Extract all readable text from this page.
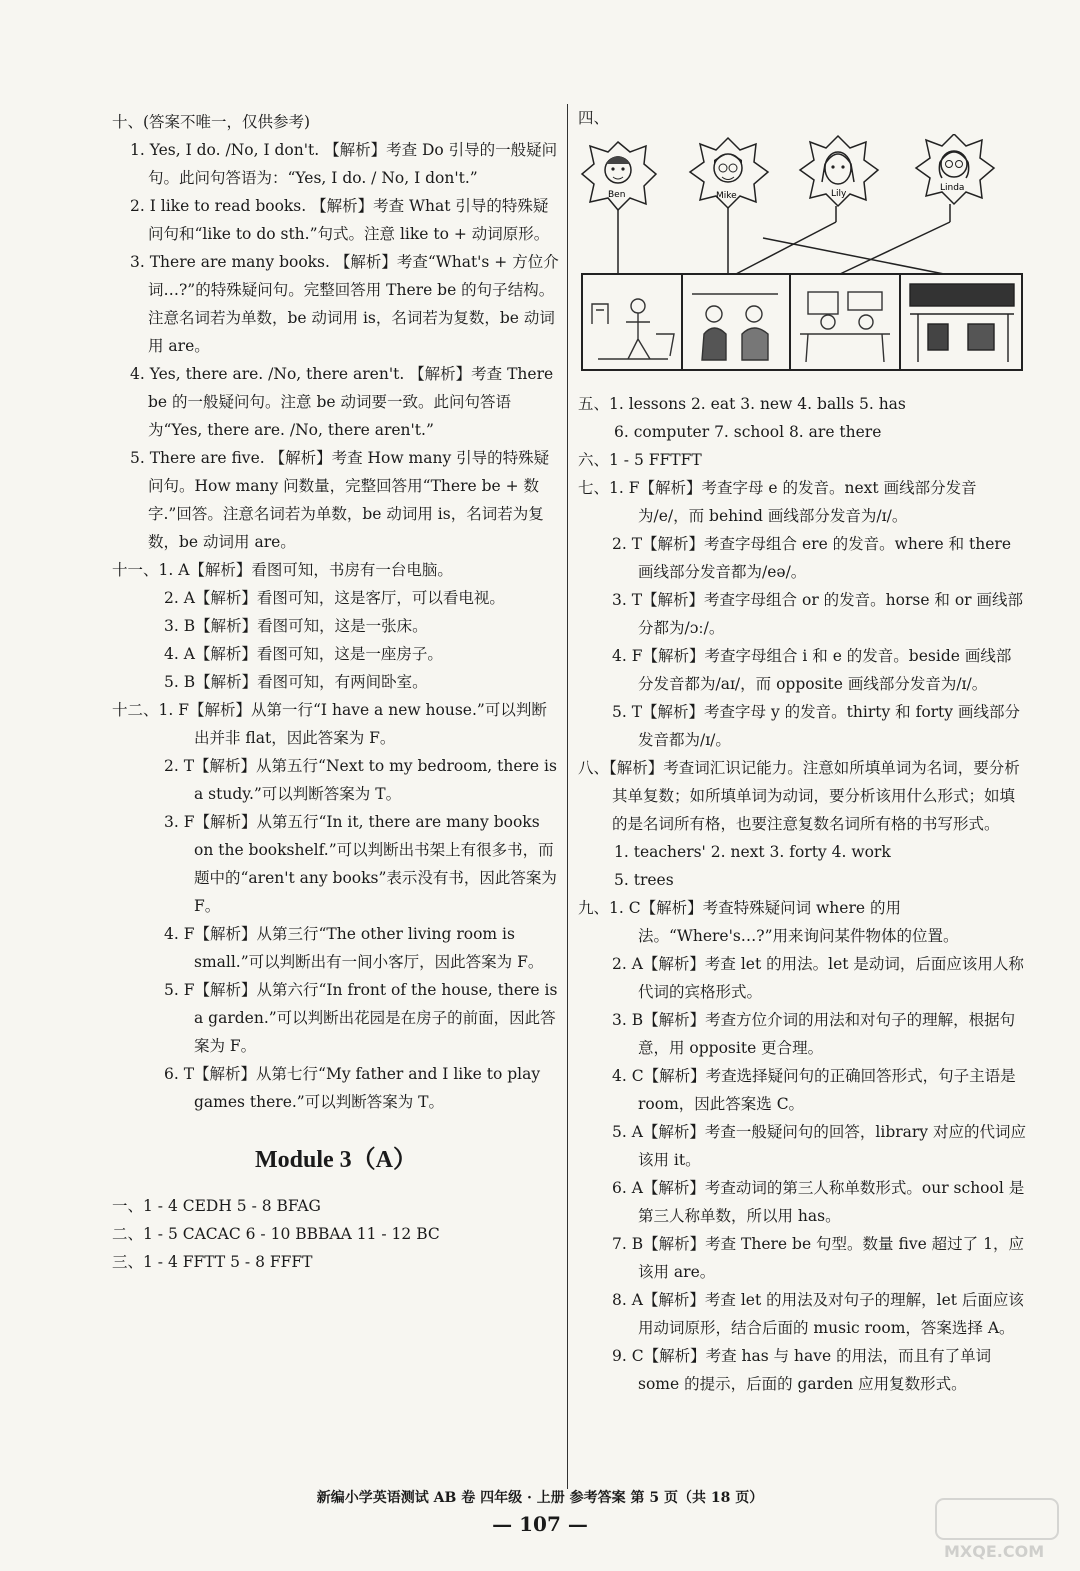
十、(答案不唯一，仅供参考)

1. Yes, I do. /No, I don't. 【解析】考查 Do 引导的一般疑问句。此问句答语为：“Yes, I do. / No, I don't.”

2. I like to read books. 【解析】考查 What 引导的特殊疑问句和“like to do sth.”句式。注意 like to + 动词原形。

3. There are many books. 【解析】考查“What's + 方位介词…?”的特殊疑问句。完整回答用 There be 的句子结构。注意名词若为单数，be 动词用 is，名词若为复数，be 动词用 are。

4. Yes, there are. /No, there aren't. 【解析】考查 There be 的一般疑问句。注意 be 动词要一致。此问句答语为“Yes, there are. /No, there aren't.”

5. There are five. 【解析】考查 How many 引导的特殊疑问句。How many 问数量，完整回答用“There be + 数字.”回答。注意名词若为单数，be 动词用 is，名词若为复数，be 动词用 are。

十一、1. A【解析】看图可知，书房有一台电脑。

2. A【解析】看图可知，这是客厅，可以看电视。

3. B【解析】看图可知，这是一张床。

4. A【解析】看图可知，这是一座房子。

5. B【解析】看图可知，有两间卧室。

十二、1. F【解析】从第一行“I have a new house.”可以判断出并非 flat，因此答案为 F。

2. T【解析】从第五行“Next to my bedroom, there is a study.”可以判断答案为 T。

3. F【解析】从第五行“In it, there are many books on the bookshelf.”可以判断出书架上有很多书，而题中的“aren't any books”表示没有书，因此答案为 F。

4. F【解析】从第三行“The other living room is small.”可以判断出有一间小客厅，因此答案为 F。

5. F【解析】从第六行“In front of the house, there is a garden.”可以判断出花园是在房子的前面，因此答案为 F。

6. T【解析】从第七行“My father and I like to play games there.”可以判断答案为 T。

Module 3（A）

一、1 - 4 CEDH 5 - 8 BFAG

二、1 - 5 CACAC 6 - 10 BBBAA 11 - 12 BC

三、1 - 4 FFTT 5 - 8 FFFT

四、

Ben	Mike	Lily
Linda

五、1. lessons 2. eat 3. new 4. balls 5. has

6. computer 7. school 8. are there

六、1 - 5 FFTFT

七、1. F【解析】考查字母 e 的发音。next 画线部分发音为/e/，而 behind 画线部分发音为/ɪ/。

2. T【解析】考查字母组合 ere 的发音。where 和 there 画线部分发音都为/eə/。

3. T【解析】考查字母组合 or 的发音。horse 和 or 画线部分都为/ɔː/。

4. F【解析】考查字母组合 i 和 e 的发音。beside 画线部分发音都为/aɪ/，而 opposite 画线部分发音为/ɪ/。

5. T【解析】考查字母 y 的发音。thirty 和 forty 画线部分发音都为/ɪ/。

八、【解析】考查词汇识记能力。注意如所填单词为名词，要分析其单复数；如所填单词为动词，要分析该用什么形式；如填的是名词所有格，也要注意复数名词所有格的书写形式。

1. teachers' 2. next 3. forty 4. work

5. trees

九、1. C【解析】考查特殊疑问词 where 的用法。“Where's…?”用来询问某件物体的位置。

2. A【解析】考查 let 的用法。let 是动词，后面应该用人称代词的宾格形式。

3. B【解析】考查方位介词的用法和对句子的理解，根据句意，用 opposite 更合理。

4. C【解析】考查选择疑问句的正确回答形式，句子主语是 room，因此答案选 C。

5. A【解析】考查一般疑问句的回答，library 对应的代词应该用 it。

6. A【解析】考查动词的第三人称单数形式。our school 是第三人称单数，所以用 has。

7. B【解析】考查 There be 句型。数量 five 超过了 1，应该用 are。

8. A【解析】考查 let 的用法及对句子的理解，let 后面应该用动词原形，结合后面的 music room，答案选择 A。

9. C【解析】考查 has 与 have 的用法，而且有了单词 some 的提示，后面的 garden 应用复数形式。

新编小学英语测试 AB 卷 四年级 · 上册 参考答案 第 5 页（共 18 页）
— 107 —
MXQE.COM
